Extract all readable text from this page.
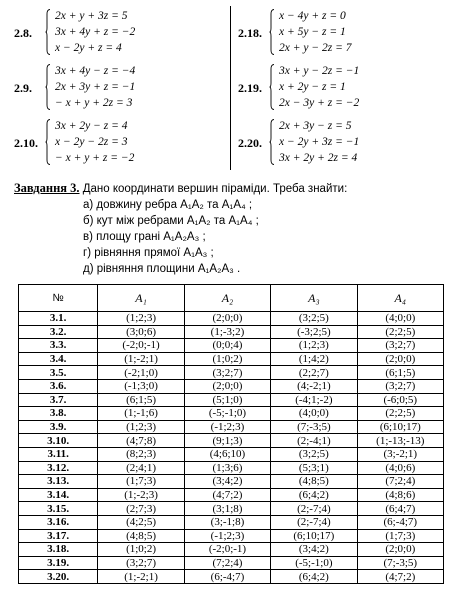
2.8.
2x + y + 3z = 5
3x + 4y + z = −2
x − 2y + z = 4
2.9.
3x + 4y − z = −4
2x + 3y + z = −1
− x + y + 2z = 3
2.10.
3x + 2y − z = 4
x − 2y − 2z = 3
− x + y + z = −2
2.18.
x − 4y + z = 0
x + 5y − z = 1
2x + y − 2z = 7
2.19.
3x + y − 2z = −1
x + 2y − z = 1
2x − 3y + z = −2
2.20.
2x + 3y − z = 5
x − 2y + 3z = −1
3x + 2y + 2z = 4
Завдання 3. Дано координати вершин піраміди. Треба знайти:
а) довжину ребра A₁A₂ та A₁A₄ ;
б) кут між ребрами A₁A₂ та A₁A₄ ;
в) площу грані A₁A₂A₃ ;
г) рівняння прямої A₁A₃ ;
д) рівняння площини A₁A₂A₃ .
№	A₁	A₂	A₃	A₄
3.1.	(1;2;3)	(2;0;0)	(3;2;5)	(4;0;0)
3.2.	(3;0;6)	(1;-3;2)	(-3;2;5)	(2;2;5)
3.3.	(-2;0;-1)	(0;0;4)	(1;2;3)	(3;2;7)
3.4.	(1;-2;1)	(1;0;2)	(1;4;2)	(2;0;0)
3.5.	(-2;1;0)	(3;2;7)	(2;2;7)	(6;1;5)
3.6.	(-1;3;0)	(2;0;0)	(4;-2;1)	(3;2;7)
3.7.	(6;1;5)	(5;1;0)	(-4;1;-2)	(-6;0;5)
3.8.	(1;-1;6)	(-5;-1;0)	(4;0;0)	(2;2;5)
3.9.	(1;2;3)	(-1;2;3)	(7;-3;5)	(6;10;17)
3.10.	(4;7;8)	(9;1;3)	(2;-4;1)	(1;-13;-13)
3.11.	(8;2;3)	(4;6;10)	(3;2;5)	(3;-2;1)
3.12.	(2;4;1)	(1;3;6)	(5;3;1)	(4;0;6)
3.13.	(1;7;3)	(3;4;2)	(4;8;5)	(7;2;4)
3.14.	(1;-2;3)	(4;7;2)	(6;4;2)	(4;8;6)
3.15.	(2;7;3)	(3;1;8)	(2;-7;4)	(6;4;7)
3.16.	(4;2;5)	(3;-1;8)	(2;-7;4)	(6;-4;7)
3.17.	(4;8;5)	(-1;2;3)	(6;10;17)	(1;7;3)
3.18.	(1;0;2)	(-2;0;-1)	(3;4;2)	(2;0;0)
3.19.	(3;2;7)	(7;2;4)	(-5;-1;0)	(7;-3;5)
3.20.	(1;-2;1)	(6;-4;7)	(6;4;2)	(4;7;2)
